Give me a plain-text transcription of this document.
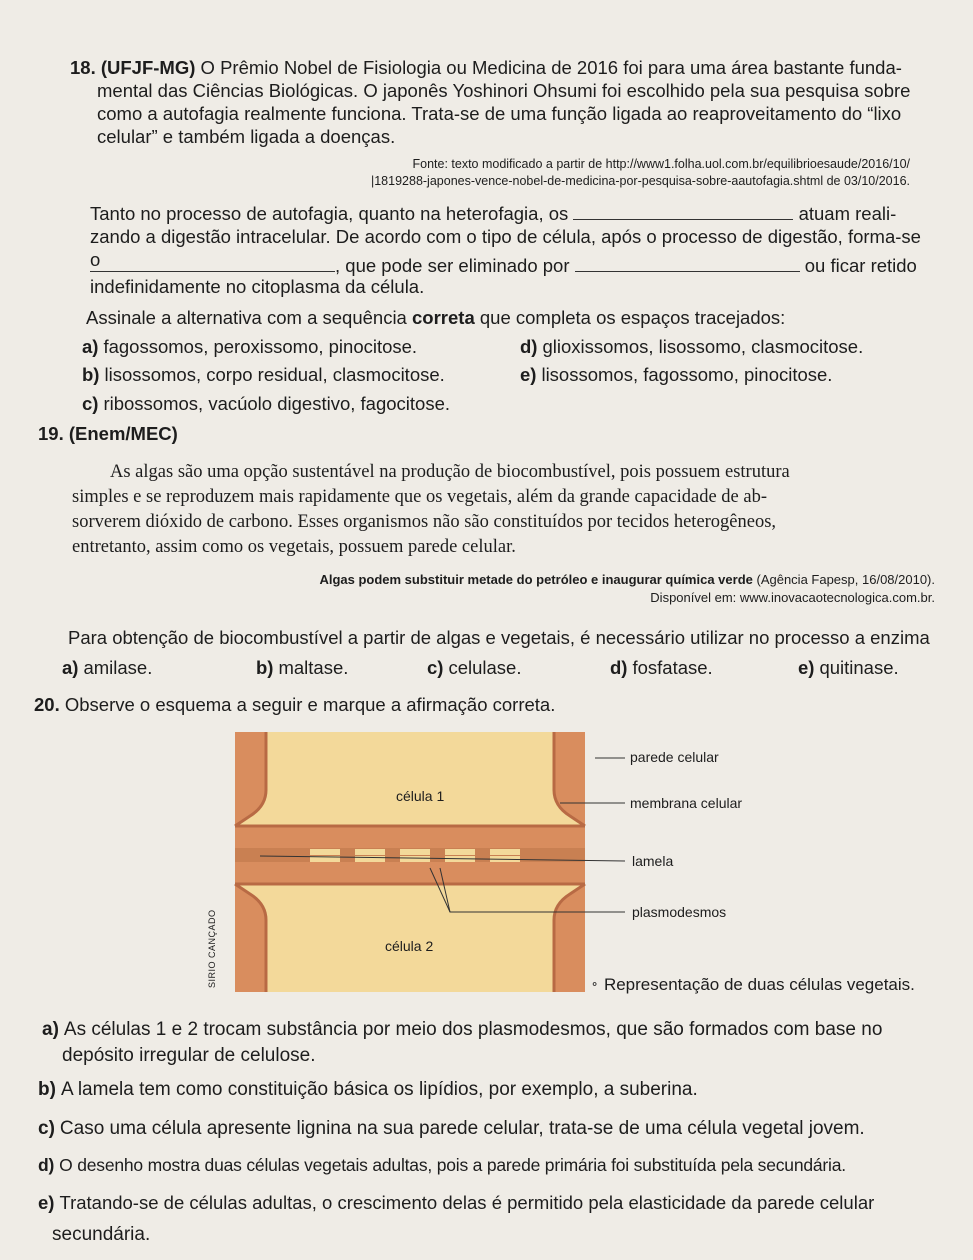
18. (UFJF-MG) O Prêmio Nobel de Fisiologia ou Medicina de 2016 foi para uma área bastante funda-
mental das Ciências Biológicas. O japonês Yoshinori Ohsumi foi escolhido pela sua pesquisa sobre
como a autofagia realmente funciona. Trata-se de uma função ligada ao reaproveitamento do “lixo
celular” e também ligada a doenças.
Fonte: texto modificado a partir de http://www1.folha.uol.com.br/equilibrioesaude/2016/10/
|1819288-japones-vence-nobel-de-medicina-por-pesquisa-sobre-aautofagia.shtml de 03/10/2016.
Tanto no processo de autofagia, quanto na heterofagia, os	atuam reali-
zando a digestão intracelular. De acordo com o tipo de célula, após o processo de digestão, forma-se
o	, que pode ser eliminado por	ou ficar retido
indefinidamente no citoplasma da célula.
Assinale a alternativa com a sequência correta que completa os espaços tracejados:
a) fagossomos, peroxissomo, pinocitose.	d) glioxissomos, lisossomo, clasmocitose.
b) lisossomos, corpo residual, clasmocitose.	e) lisossomos, fagossomo, pinocitose.
c) ribossomos, vacúolo digestivo, fagocitose.
19. (Enem/MEC)
As algas são uma opção sustentável na produção de biocombustível, pois possuem estrutura
simples e se reproduzem mais rapidamente que os vegetais, além da grande capacidade de ab-
sorverem dióxido de carbono. Esses organismos não são constituídos por tecidos heterogêneos,
entretanto, assim como os vegetais, possuem parede celular.
Algas podem substituir metade do petróleo e inaugurar química verde (Agência Fapesp, 16/08/2010).
Disponível em: www.inovacaotecnologica.com.br.
Para obtenção de biocombustível a partir de algas e vegetais, é necessário utilizar no processo a enzima
a) amilase.	b) maltase.	c) celulase.	d) fosfatase.	e) quitinase.
20. Observe o esquema a seguir e marque a afirmação correta.
parede celular
membrana celular
lamela
plasmodesmos
célula 1
célula 2
SIRIO CANÇADO	⚬ Representação de duas células vegetais.
a) As células 1 e 2 trocam substância por meio dos plasmodesmos, que são formados com base no
depósito irregular de celulose.
b) A lamela tem como constituição básica os lipídios, por exemplo, a suberina.
c) Caso uma célula apresente lignina na sua parede celular, trata-se de uma célula vegetal jovem.
d) O desenho mostra duas células vegetais adultas, pois a parede primária foi substituída pela secundária.
e) Tratando-se de células adultas, o crescimento delas é permitido pela elasticidade da parede celular
secundária.
